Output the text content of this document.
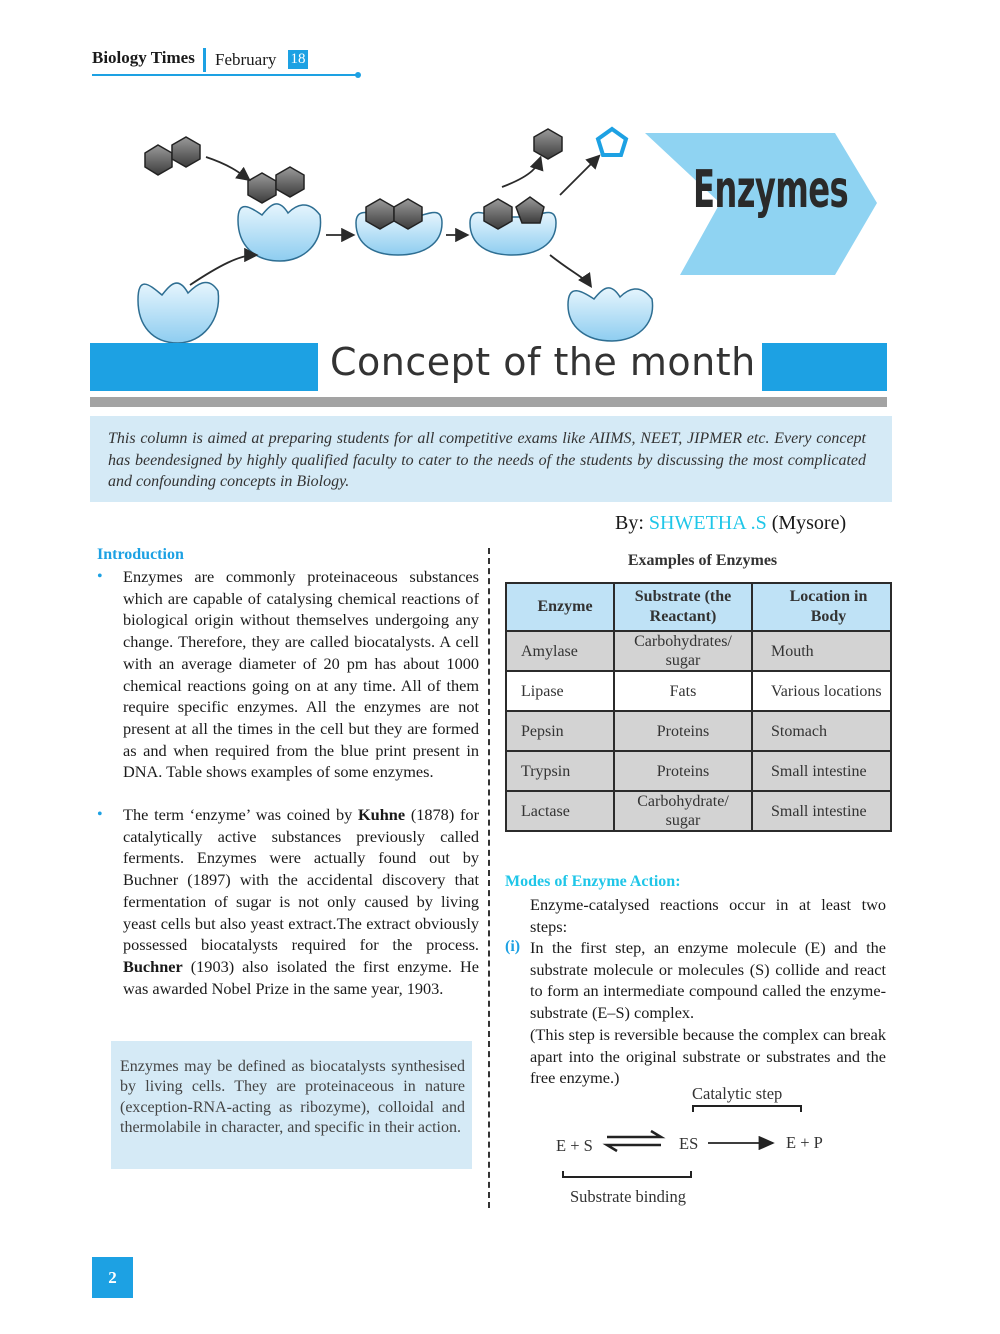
Biology Times February 18
Enzymes
Concept of the month
This column is aimed at preparing students for all competitive exams like AIIMS, NEET, JIPMER etc. Every concept has beendesigned by highly qualified faculty to cater to the needs of the students by discussing the most complicated and confounding concepts in Biology.
By: SHWETHA .S (Mysore)
Introduction
• Enzymes are commonly proteinaceous substances which are capable of catalysing chemical reactions of biological origin without themselves undergoing any change. Therefore, they are called biocatalysts. A cell with an average diameter of 20 pm has about 1000 chemical reactions going on at any time. All of them require specific enzymes. All the enzymes are not present at all the times in the cell but they are formed as and when required from the blue print present in DNA. Table shows examples of some enzymes.
• The term ‘enzyme’ was coined by Kuhne (1878) for catalytically active substances previously called ferments. Enzymes were actually found out by Buchner (1897) with the accidental discovery that fermentation of sugar is not only caused by living yeast cells but also yeast extract.The extract obviously possessed biocatalysts required for the process. Buchner (1903) also isolated the first enzyme. He was awarded Nobel Prize in the same year, 1903.
Enzymes may be defined as biocatalysts synthesised by living cells. They are proteinaceous in nature (exception-RNA-acting as ribozyme), colloidal and thermolabile in character, and specific in their action.
Examples of Enzymes
Enzyme	Substrate (the Reactant)	Location in Body
Amylase	Carbohydrates/ sugar	Mouth
Lipase	Fats	Various locations
Pepsin	Proteins	Stomach
Trypsin	Proteins	Small intestine
Lactase	Carbohydrate/ sugar	Small intestine
Modes of Enzyme Action:
Enzyme-catalysed reactions occur in at least two steps:
(i) In the first step, an enzyme molecule (E) and the substrate molecule or molecules (S) collide and react to form an intermediate compound called the enzyme-substrate (E–S) complex.
(This step is reversible because the complex can break apart into the original substrate or substrates and the free enzyme.)
Catalytic step
E + S	ES	E + P
Substrate binding
2
